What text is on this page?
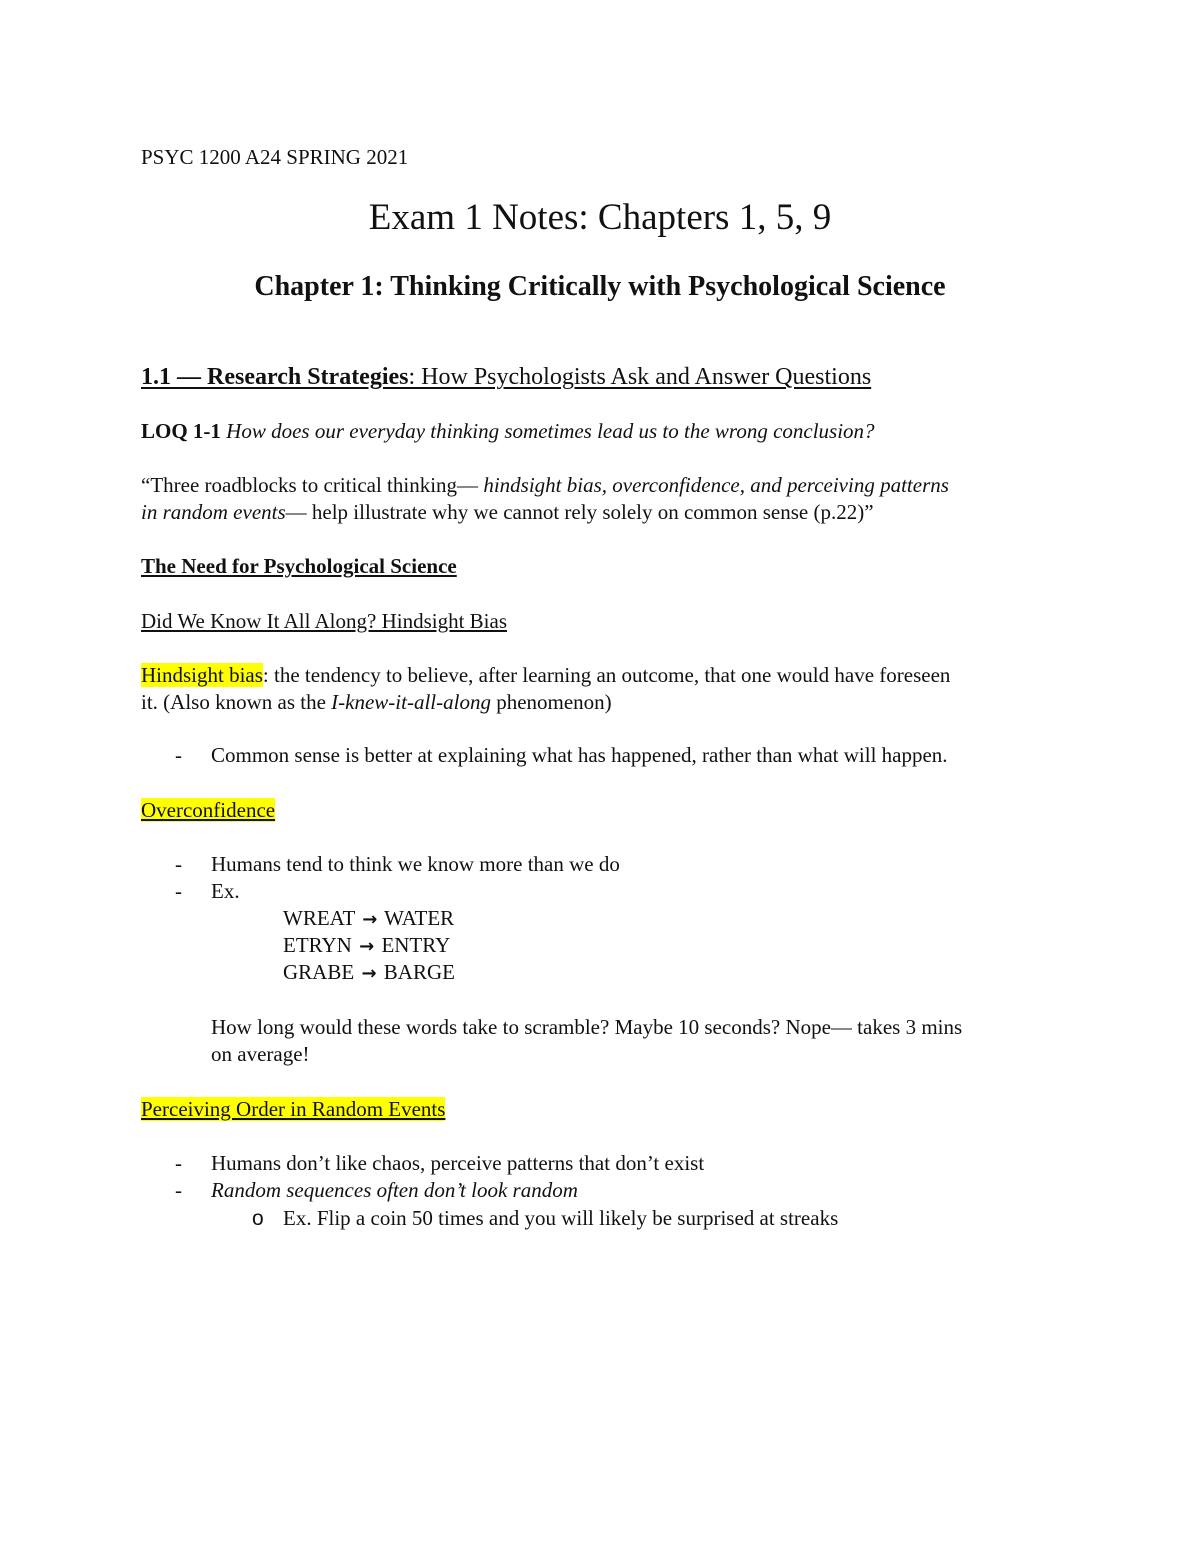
PSYC 1200 A24 SPRING 2021
Exam 1 Notes: Chapters 1, 5, 9
Chapter 1: Thinking Critically with Psychological Science
1.1 — Research Strategies: How Psychologists Ask and Answer Questions
LOQ 1-1 How does our everyday thinking sometimes lead us to the wrong conclusion?
“Three roadblocks to critical thinking— hindsight bias, overconfidence, and perceiving patterns
in random events— help illustrate why we cannot rely solely on common sense (p.22)”
The Need for Psychological Science
Did We Know It All Along? Hindsight Bias
Hindsight bias: the tendency to believe, after learning an outcome, that one would have foreseen
it. (Also known as the I-knew-it-all-along phenomenon)
- Common sense is better at explaining what has happened, rather than what will happen.
Overconfidence
- Humans tend to think we know more than we do
- Ex.
WREAT → WATER
ETRYN → ENTRY
GRABE → BARGE
How long would these words take to scramble? Maybe 10 seconds? Nope— takes 3 mins
on average!
Perceiving Order in Random Events
- Humans don’t like chaos, perceive patterns that don’t exist
- Random sequences often don’t look random
o Ex. Flip a coin 50 times and you will likely be surprised at streaks
